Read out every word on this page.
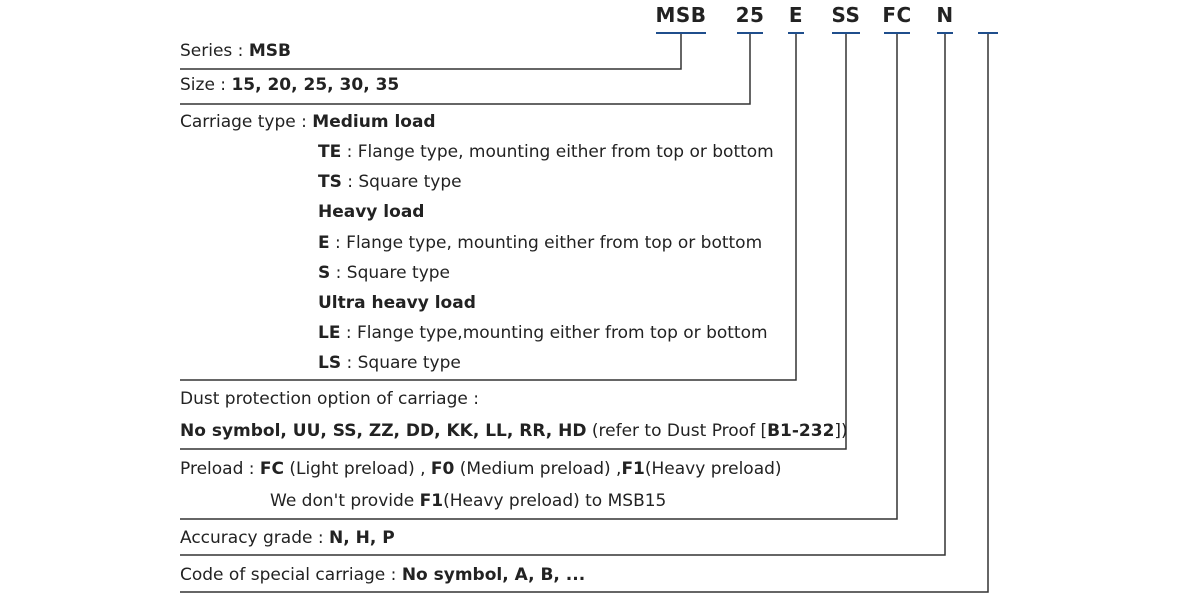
MSB 25 E SS FC N
Series : MSB
Size : 15, 20, 25, 30, 35
Carriage type : Medium load
TE : Flange type, mounting either from top or bottom
TS : Square type
Heavy load
E : Flange type, mounting either from top or bottom
S : Square type
Ultra heavy load
LE : Flange type,mounting either from top or bottom
LS : Square type
Dust protection option of carriage :
No symbol, UU, SS, ZZ, DD, KK, LL, RR, HD (refer to Dust Proof [B1-232])
Preload : FC (Light preload) , F0 (Medium preload) ,F1(Heavy preload)
We don't provide F1(Heavy preload) to MSB15
Accuracy grade : N, H, P
Code of special carriage : No symbol, A, B, ...
